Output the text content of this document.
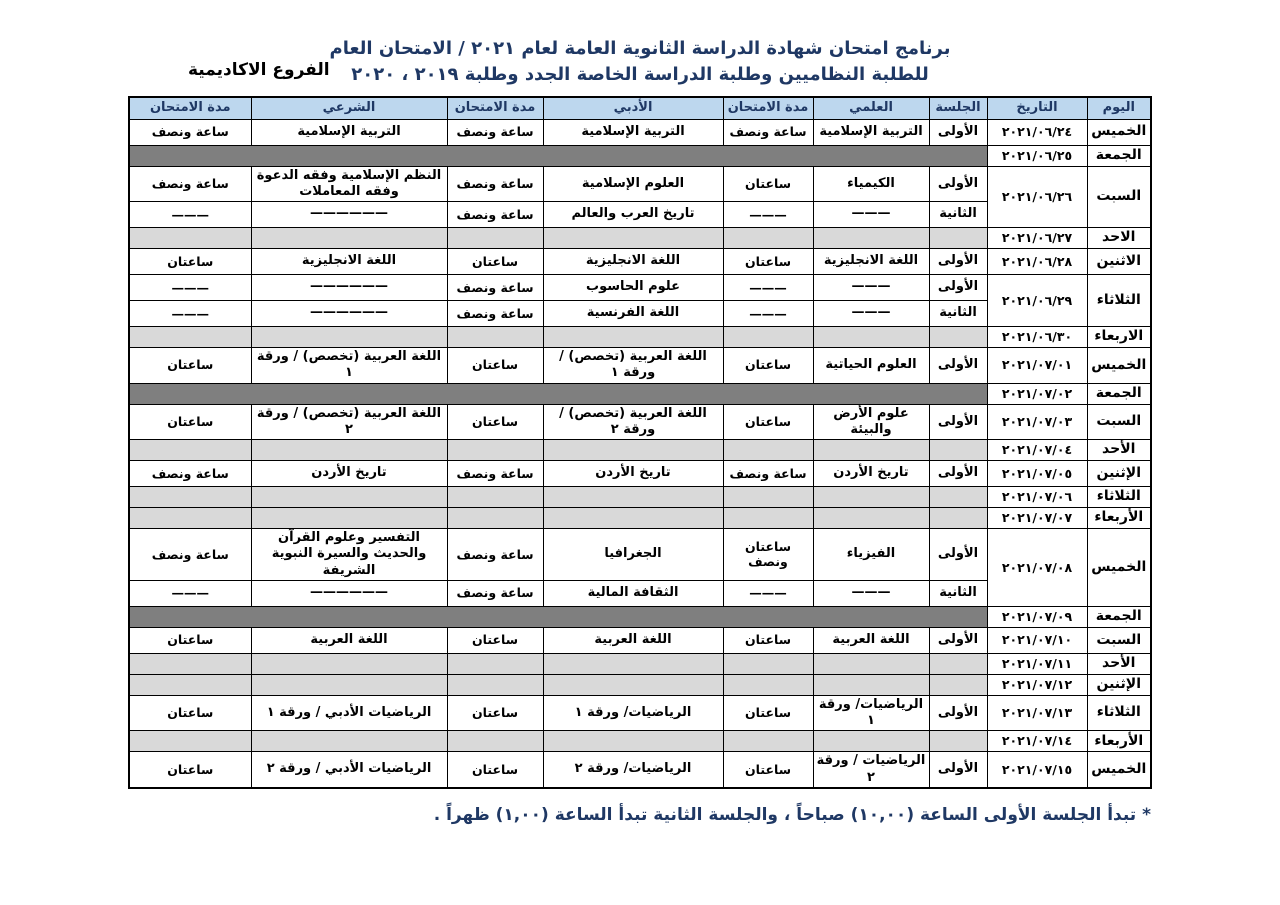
برنامج امتحان شهادة الدراسة الثانوية العامة لعام ٢٠٢١ / الامتحان العام
للطلبة النظاميين وطلبة الدراسة الخاصة الجدد وطلبة ٢٠١٩ ، ٢٠٢٠
الفروع الاكاديمية
اليوم	التاريخ	الجلسة	العلمي	مدة الامتحان	الأدبي	مدة الامتحان	الشرعي	مدة الامتحان
الخميس	٢٠٢١/٠٦/٢٤	الأولى	التربية الإسلامية	ساعة ونصف	التربية الإسلامية	ساعة ونصف	التربية الإسلامية	ساعة ونصف
الجمعة	٢٠٢١/٠٦/٢٥							
السبت	٢٠٢١/٠٦/٢٦	الأولى	الكيمياء	ساعتان	العلوم الإسلامية	ساعة ونصف	النظم الإسلامية وفقه الدعوة وفقه المعاملات	ساعة ونصف
		الثانية	———	———	تاريخ العرب والعالم	ساعة ونصف	——————	———
الاحد	٢٠٢١/٠٦/٢٧							
الاثنين	٢٠٢١/٠٦/٢٨	الأولى	اللغة الانجليزية	ساعتان	اللغة الانجليزية	ساعتان	اللغة الانجليزية	ساعتان
الثلاثاء	٢٠٢١/٠٦/٢٩	الأولى	———	———	علوم الحاسوب	ساعة ونصف	——————	———
		الثانية	———	———	اللغة الفرنسية	ساعة ونصف	——————	———
الاربعاء	٢٠٢١/٠٦/٣٠							
الخميس	٢٠٢١/٠٧/٠١	الأولى	العلوم الحياتية	ساعتان	اللغة العربية (تخصص) / ورقة ١	ساعتان	اللغة العربية (تخصص) / ورقة ١	ساعتان
الجمعة	٢٠٢١/٠٧/٠٢							
السبت	٢٠٢١/٠٧/٠٣	الأولى	علوم الأرض والبيئة	ساعتان	اللغة العربية (تخصص) / ورقة ٢	ساعتان	اللغة العربية (تخصص) / ورقة ٢	ساعتان
الأحد	٢٠٢١/٠٧/٠٤							
الإثنين	٢٠٢١/٠٧/٠٥	الأولى	تاريخ الأردن	ساعة ونصف	تاريخ الأردن	ساعة ونصف	تاريخ الأردن	ساعة ونصف
الثلاثاء	٢٠٢١/٠٧/٠٦							
الأربعاء	٢٠٢١/٠٧/٠٧							
الخميس	٢٠٢١/٠٧/٠٨	الأولى	الفيزياء	ساعتان ونصف	الجغرافيا	ساعة ونصف	التفسير وعلوم القرآن والحديث والسيرة النبوية الشريفة	ساعة ونصف
		الثانية	———	———	الثقافة المالية	ساعة ونصف	——————	———
الجمعة	٢٠٢١/٠٧/٠٩							
السبت	٢٠٢١/٠٧/١٠	الأولى	اللغة العربية	ساعتان	اللغة العربية	ساعتان	اللغة العربية	ساعتان
الأحد	٢٠٢١/٠٧/١١							
الإثنين	٢٠٢١/٠٧/١٢							
الثلاثاء	٢٠٢١/٠٧/١٣	الأولى	الرياضيات/ ورقة ١	ساعتان	الرياضيات/ ورقة ١	ساعتان	الرياضيات الأدبي / ورقة ١	ساعتان
الأربعاء	٢٠٢١/٠٧/١٤							
الخميس	٢٠٢١/٠٧/١٥	الأولى	الرياضيات / ورقة ٢	ساعتان	الرياضيات/ ورقة ٢	ساعتان	الرياضيات الأدبي / ورقة ٢	ساعتان
* تبدأ الجلسة الأولى الساعة (١٠,٠٠) صباحاً ، والجلسة الثانية تبدأ الساعة (١,٠٠) ظهراً .
